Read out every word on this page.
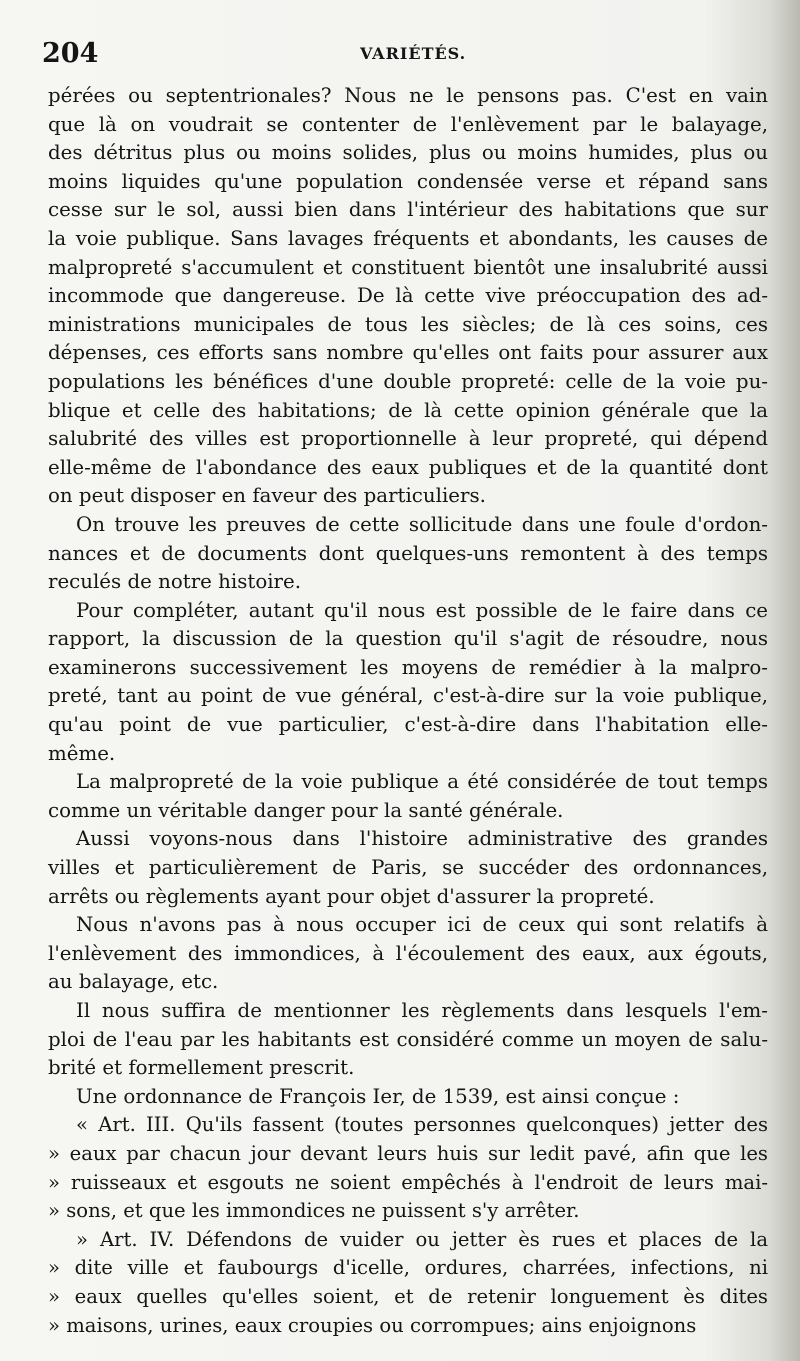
204	VARIÉTÉS.
pérées ou septentrionales? Nous ne le pensons pas. C'est en vain
que là on voudrait se contenter de l'enlèvement par le balayage,
des détritus plus ou moins solides, plus ou moins humides, plus ou
moins liquides qu'une population condensée verse et répand sans
cesse sur le sol, aussi bien dans l'intérieur des habitations que sur
la voie publique. Sans lavages fréquents et abondants, les causes de
malpropreté s'accumulent et constituent bientôt une insalubrité aussi
incommode que dangereuse. De là cette vive préoccupation des ad-
ministrations municipales de tous les siècles; de là ces soins, ces
dépenses, ces efforts sans nombre qu'elles ont faits pour assurer aux
populations les bénéfices d'une double propreté: celle de la voie pu-
blique et celle des habitations; de là cette opinion générale que la
salubrité des villes est proportionnelle à leur propreté, qui dépend
elle-même de l'abondance des eaux publiques et de la quantité dont
on peut disposer en faveur des particuliers.
On trouve les preuves de cette sollicitude dans une foule d'ordon-
nances et de documents dont quelques-uns remontent à des temps
reculés de notre histoire.
Pour compléter, autant qu'il nous est possible de le faire dans ce
rapport, la discussion de la question qu'il s'agit de résoudre, nous
examinerons successivement les moyens de remédier à la malpro-
preté, tant au point de vue général, c'est-à-dire sur la voie publique,
qu'au point de vue particulier, c'est-à-dire dans l'habitation elle-
même.
La malpropreté de la voie publique a été considérée de tout temps
comme un véritable danger pour la santé générale.
Aussi voyons-nous dans l'histoire administrative des grandes
villes et particulièrement de Paris, se succéder des ordonnances,
arrêts ou règlements ayant pour objet d'assurer la propreté.
Nous n'avons pas à nous occuper ici de ceux qui sont relatifs à
l'enlèvement des immondices, à l'écoulement des eaux, aux égouts,
au balayage, etc.
Il nous suffira de mentionner les règlements dans lesquels l'em-
ploi de l'eau par les habitants est considéré comme un moyen de salu-
brité et formellement prescrit.
Une ordonnance de François Ier, de 1539, est ainsi conçue :
« Art. III. Qu'ils fassent (toutes personnes quelconques) jetter des
» eaux par chacun jour devant leurs huis sur ledit pavé, afin que les
» ruisseaux et esgouts ne soient empêchés à l'endroit de leurs mai-
» sons, et que les immondices ne puissent s'y arrêter.
» Art. IV. Défendons de vuider ou jetter ès rues et places de la
» dite ville et faubourgs d'icelle, ordures, charrées, infections, ni
» eaux quelles qu'elles soient, et de retenir longuement ès dites
» maisons, urines, eaux croupies ou corrompues; ains enjoignons
